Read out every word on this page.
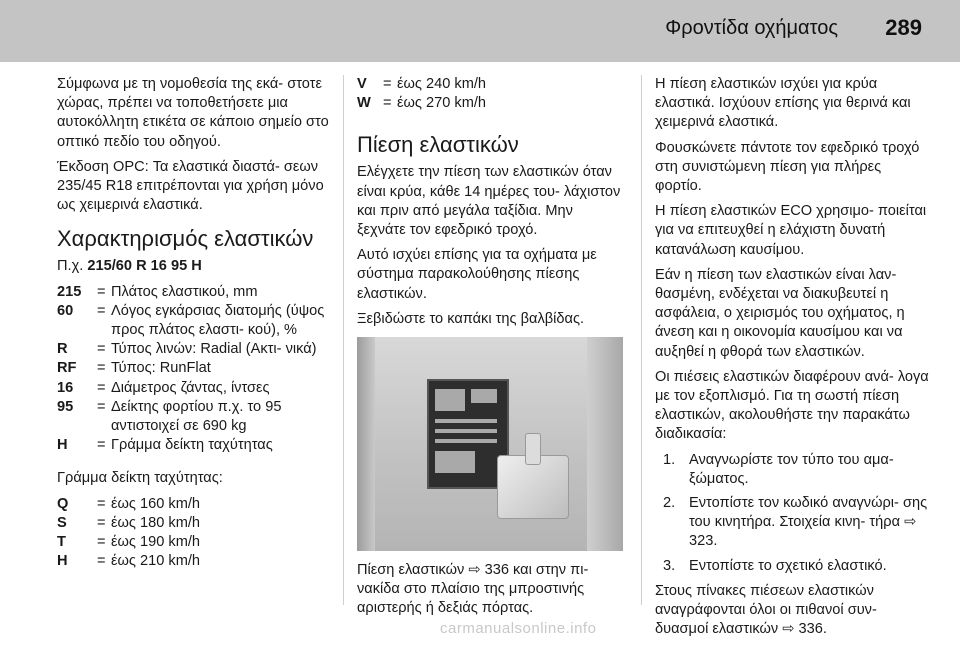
Φροντίδα οχήματος 289

Σύμφωνα με τη νομοθεσία της εκά- στοτε χώρας, πρέπει να τοποθετήσετε μια αυτοκόλλητη ετικέτα σε κάποιο σημείο στο οπτικό πεδίο του οδηγού.

Έκδοση OPC: Τα ελαστικά διαστά- σεων 235/45 R18 επιτρέπονται για χρήση μόνο ως χειμερινά ελαστικά.

Χαρακτηρισμός ελαστικών

Π.χ. 215/60 R 16 95 H

215	= Πλάτος ελαστικού, mm
60	= Λόγος εγκάρσιας διατομής (ύψος προς πλάτος ελαστι- κού), %
R	= Τύπος λινών: Radial (Ακτι- νικά)
RF	= Τύπος: RunFlat
16	= Διάμετρος ζάντας, ίντσες
95	= Δείκτης φορτίου π.χ. το 95 αντιστοιχεί σε 690 kg
H	= Γράμμα δείκτη ταχύτητας

Γράμμα δείκτη ταχύτητας:

Q	= έως 160 km/h
S	= έως 180 km/h
T	= έως 190 km/h
H	= έως 210 km/h
V	= έως 240 km/h
W = έως 270 km/h
Πίεση ελαστικών

Ελέγχετε την πίεση των ελαστικών όταν είναι κρύα, κάθε 14 ημέρες του- λάχιστον και πριν από μεγάλα ταξίδια. Μην ξεχνάτε τον εφεδρικό τροχό.

Αυτό ισχύει επίσης για τα οχήματα με σύστημα παρακολούθησης πίεσης ελαστικών.

Ξεβιδώστε το καπάκι της βαλβίδας.

Πίεση ελαστικών ⇨ 336 και στην πι- νακίδα στο πλαίσιο της μπροστινής αριστερής ή δεξιάς πόρτας.

Η πίεση ελαστικών ισχύει για κρύα ελαστικά. Ισχύουν επίσης για θερινά και χειμερινά ελαστικά.

Φουσκώνετε πάντοτε τον εφεδρικό τροχό στη συνιστώμενη πίεση για πλήρες φορτίο.

Η πίεση ελαστικών ECO χρησιμο- ποιείται για να επιτευχθεί η ελάχιστη δυνατή κατανάλωση καυσίμου.

Εάν η πίεση των ελαστικών είναι λαν- θασμένη, ενδέχεται να διακυβευτεί η ασφάλεια, ο χειρισμός του οχήματος, η άνεση και η οικονομία καυσίμου και να αυξηθεί η φθορά των ελαστικών.

Οι πιέσεις ελαστικών διαφέρουν ανά- λογα με τον εξοπλισμό. Για τη σωστή πίεση ελαστικών, ακολουθήστε την παρακάτω διαδικασία:

1. Αναγνωρίστε τον τύπο του αμα- ξώματος.
2. Εντοπίστε τον κωδικό αναγνώρι- σης του κινητήρα. Στοιχεία κινη- τήρα ⇨ 323.
3. Εντοπίστε το σχετικό ελαστικό.

Στους πίνακες πιέσεων ελαστικών αναγράφονται όλοι οι πιθανοί συν- δυασμοί ελαστικών ⇨ 336.

carmanualsonline.info
